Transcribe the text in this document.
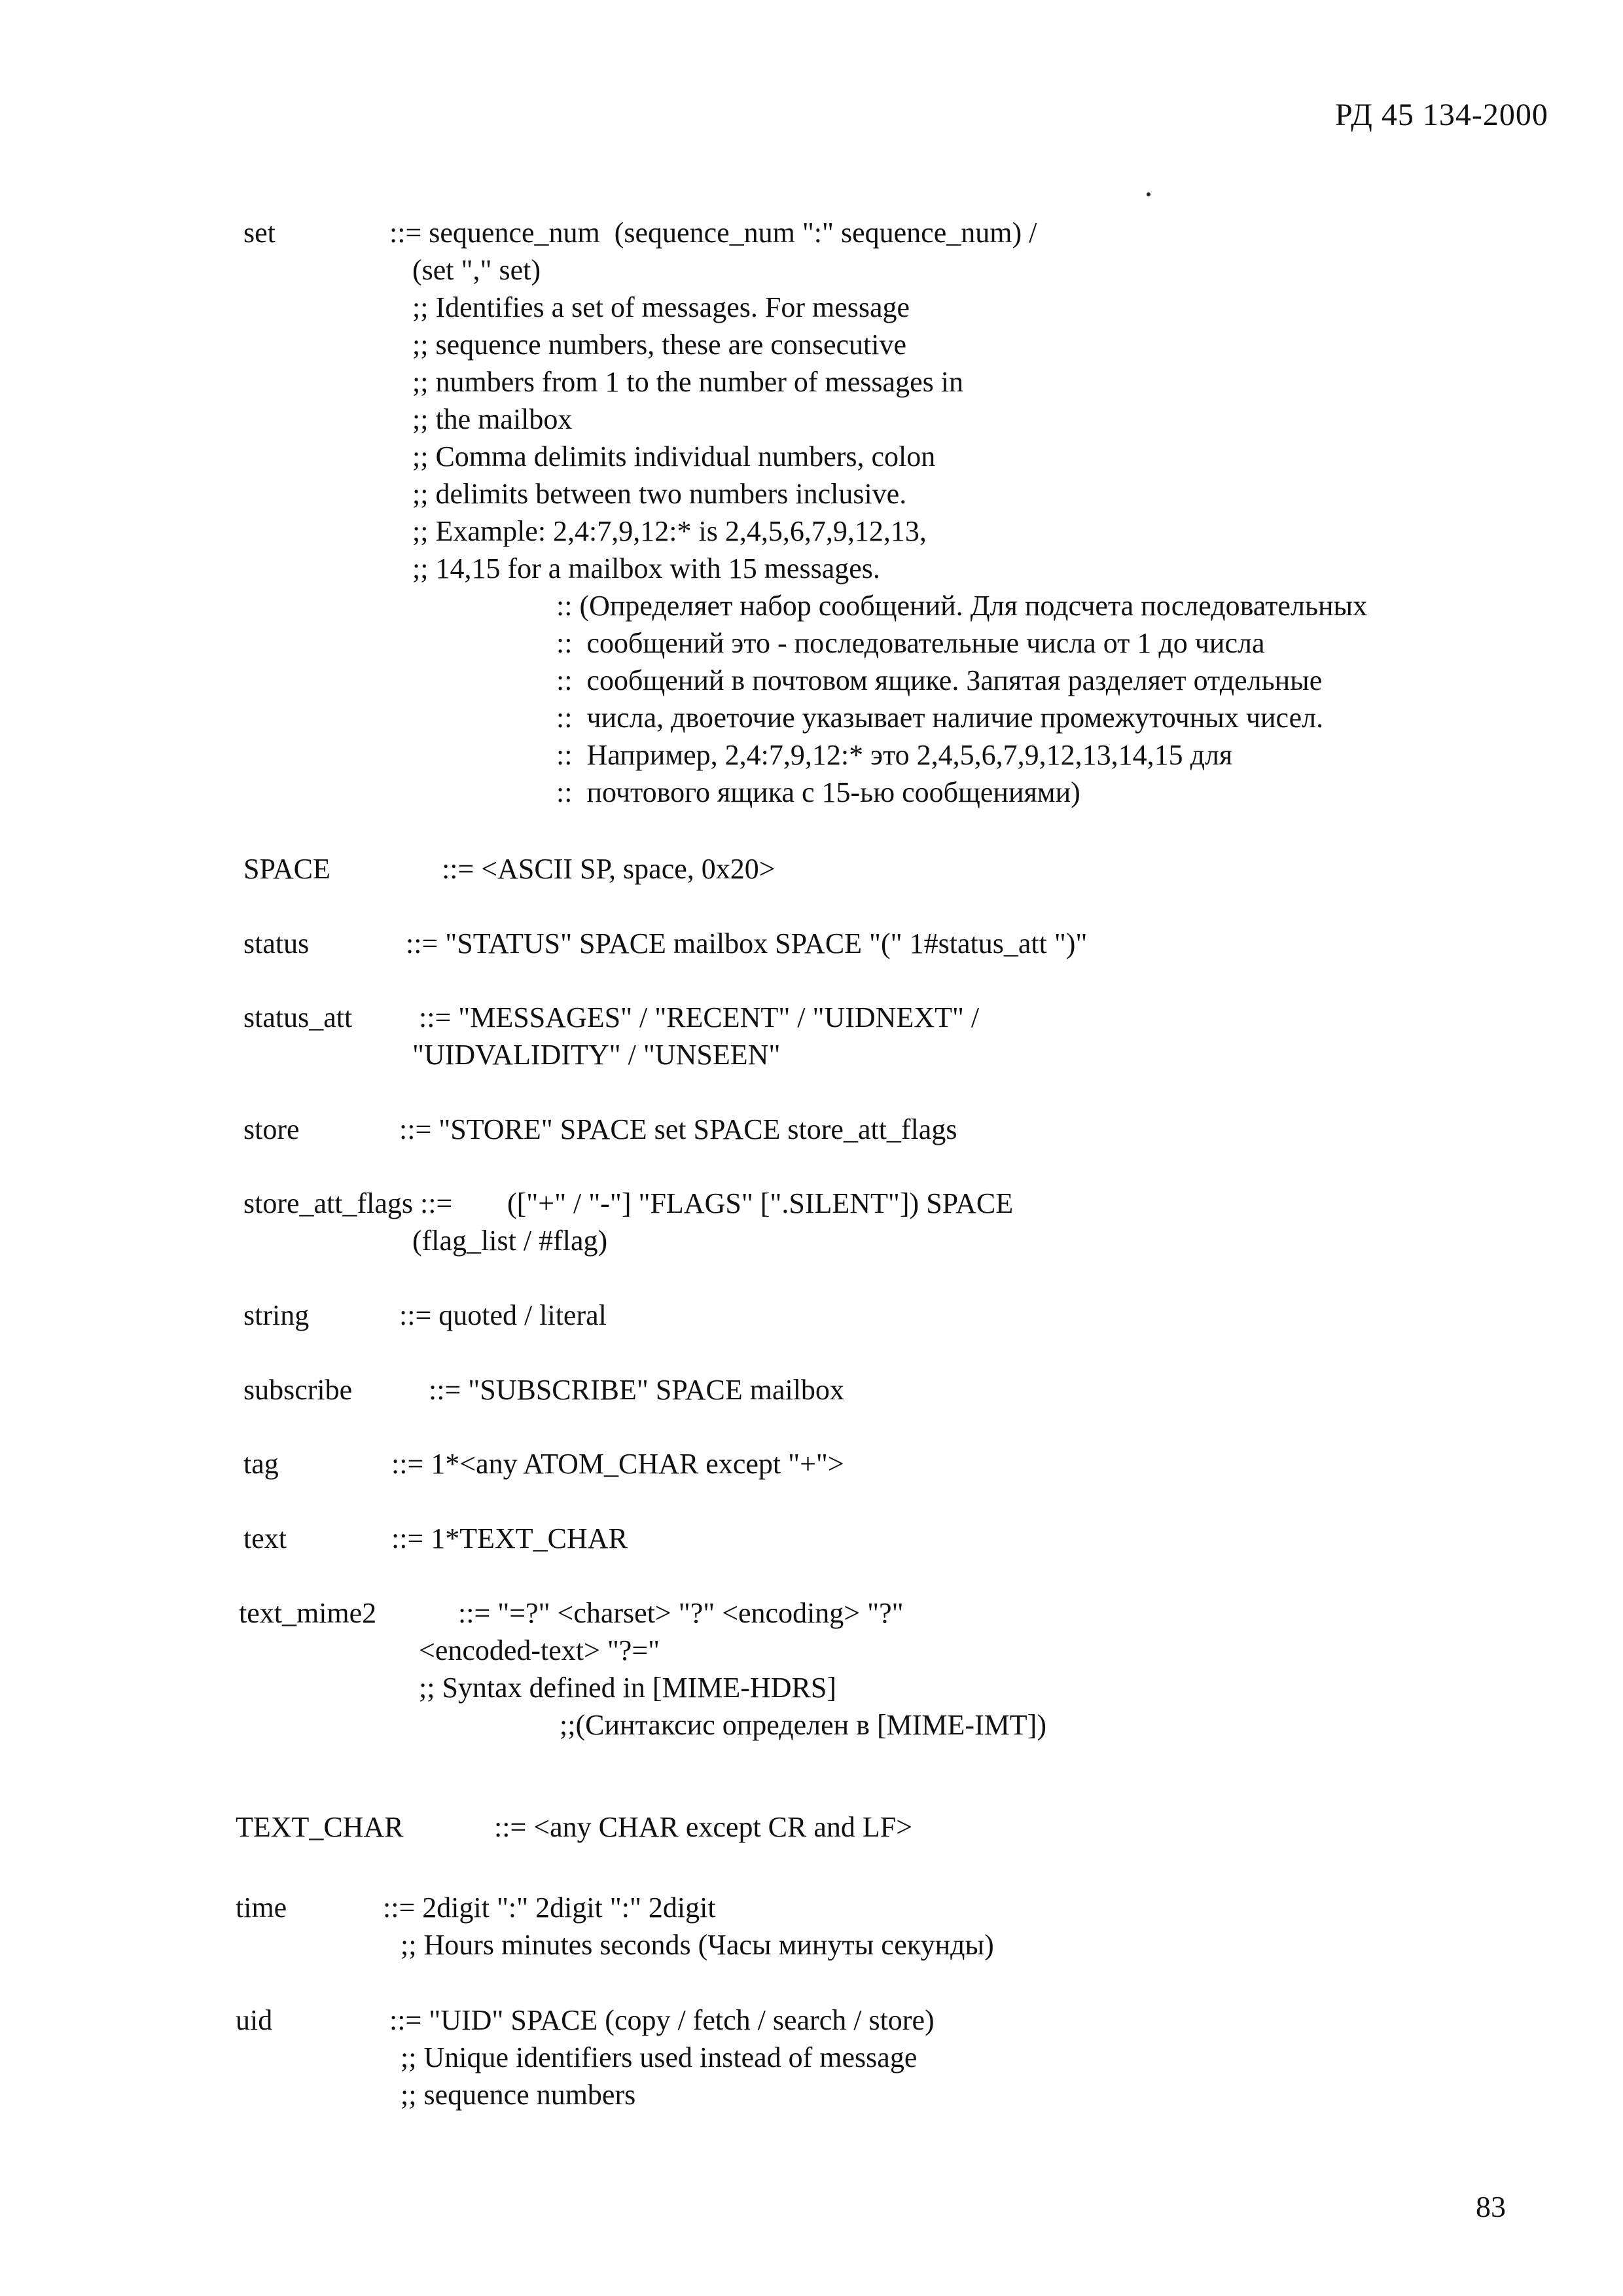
РД 45 134-2000
set	::= sequence_num  (sequence_num ":" sequence_num) /
(set "," set)
;; Identifies a set of messages. For message
;; sequence numbers, these are consecutive
;; numbers from 1 to the number of messages in
;; the mailbox
;; Comma delimits individual numbers, colon
;; delimits between two numbers inclusive.
;; Example: 2,4:7,9,12:* is 2,4,5,6,7,9,12,13,
;; 14,15 for a mailbox with 15 messages.
:: (Определяет набор сообщений. Для подсчета последовательных
::  сообщений это - последовательные числа от 1 до числа
::  сообщений в почтовом ящике. Запятая разделяет отдельные
::  числа, двоеточие указывает наличие промежуточных чисел.
::  Например, 2,4:7,9,12:* это 2,4,5,6,7,9,12,13,14,15 для
::  почтового ящика с 15-ью сообщениями)
SPACE	::= <ASCII SP, space, 0x20>
status	::= "STATUS" SPACE mailbox SPACE "(" 1#status_att ")"
status_att ::= "MESSAGES" / "RECENT" / "UIDNEXT" /
"UIDVALIDITY" / "UNSEEN"
store	::= "STORE" SPACE set SPACE store_att_flags
store_att_flags ::= (["+" / "-"] "FLAGS" [".SILENT"]) SPACE
(flag_list / #flag)
string	::= quoted / literal
subscribe	::= "SUBSCRIBE" SPACE mailbox
tag	::= 1*<any ATOM_CHAR except "+">
text	::= 1*TEXT_CHAR
text_mime2	::= "=?" <charset> "?" <encoding> "?"
<encoded-text> "?="
;; Syntax defined in [MIME-HDRS]
;;(Синтаксис определен в [MIME-IMT])
TEXT_CHAR	::= <any CHAR except CR and LF>
time	::= 2digit ":" 2digit ":" 2digit
;; Hours minutes seconds (Часы минуты секунды)
uid	::= "UID" SPACE (copy / fetch / search / store)
;; Unique identifiers used instead of message
;; sequence numbers
83
